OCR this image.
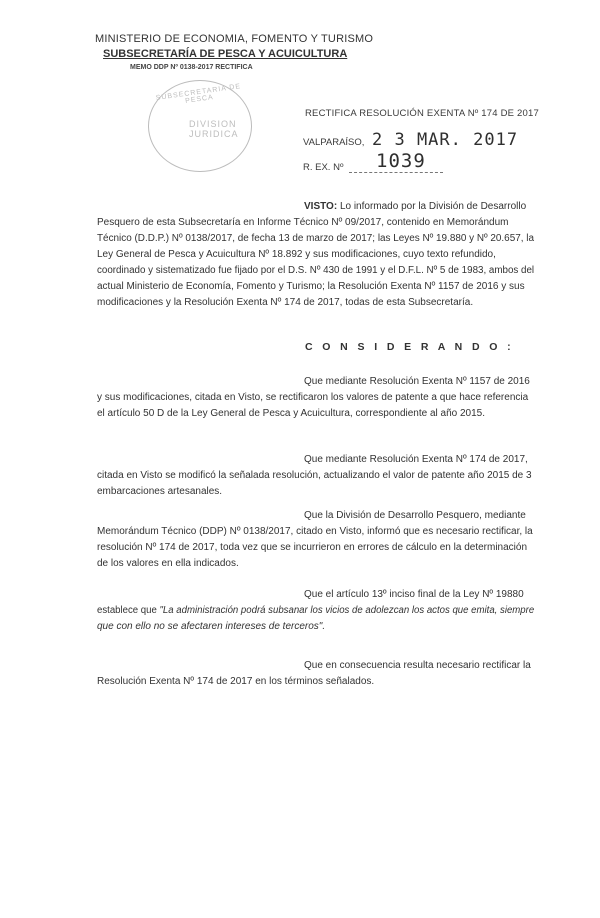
MINISTERIO DE ECONOMIA, FOMENTO Y TURISMO
SUBSECRETARÍA DE PESCA Y ACUICULTURA
MEMO DDP Nº 0138-2017 RECTIFICA
SUBSECRETARIA DE PESCA
DIVISION JURIDICA
RECTIFICA RESOLUCIÓN EXENTA Nº 174 DE 2017
VALPARAÍSO, 2 3 MAR. 2017
R. EX. Nº 1039
VISTO: Lo informado por la División de Desarrollo
Pesquero de esta Subsecretaría en Informe Técnico Nº 09/2017, contenido en Memorándum
Técnico (D.D.P.) Nº 0138/2017, de fecha 13 de marzo de 2017; las Leyes Nº 19.880 y Nº 20.657, la
Ley General de Pesca y Acuicultura Nº 18.892 y sus modificaciones, cuyo texto refundido,
coordinado y sistematizado fue fijado por el D.S. Nº 430 de 1991 y el D.F.L. Nº 5 de 1983, ambos del
actual Ministerio de Economía, Fomento y Turismo; la Resolución Exenta Nº 1157 de 2016 y sus
modificaciones y la Resolución Exenta Nº 174 de 2017, todas de esta Subsecretaría.
C O N S I D E R A N D O :
Que mediante Resolución Exenta Nº 1157 de 2016
y sus modificaciones, citada en Visto, se rectificaron los valores de patente a que hace referencia
el artículo 50 D de la Ley General de Pesca y Acuicultura, correspondiente al año 2015.
Que mediante Resolución Exenta Nº 174 de 2017,
citada en Visto se modificó la señalada resolución, actualizando el valor de patente año 2015 de 3
embarcaciones artesanales.
Que la División de Desarrollo Pesquero, mediante
Memorándum Técnico (DDP) Nº 0138/2017, citado en Visto, informó que es necesario rectificar, la
resolución Nº 174 de 2017, toda vez que se incurrieron en errores de cálculo en la determinación
de los valores en ella indicados.
Que el artículo 13º inciso final de la Ley Nº 19880
establece que "La administración podrá subsanar los vicios de adolezcan los actos que emita, siempre
que con ello no se afectaren intereses de terceros".
Que en consecuencia resulta necesario rectificar la
Resolución Exenta Nº 174 de 2017 en los términos señalados.
